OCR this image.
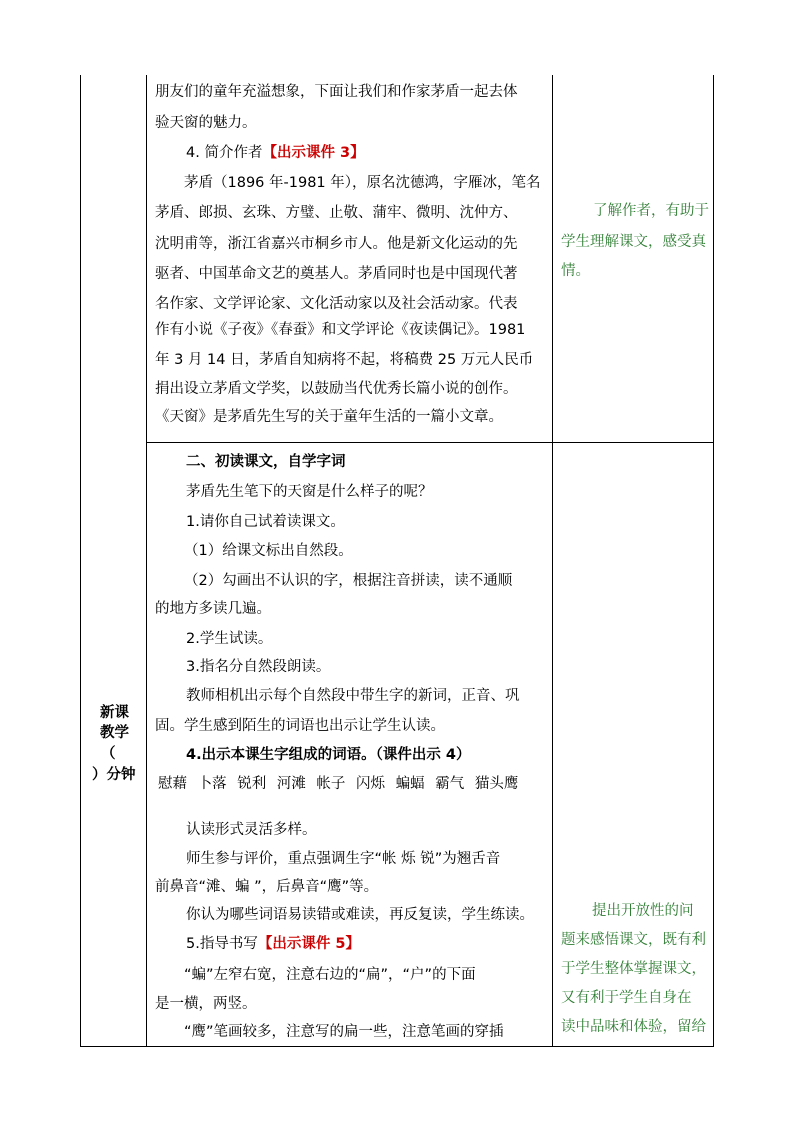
朋友们的童年充溢想象，下面让我们和作家茅盾一起去体
验天窗的魅力。
4. 简介作者【出示课件 3】
茅盾（1896 年-1981 年），原名沈德鸿，字雁冰，笔名
茅盾、郎损、玄珠、方璧、止敬、蒲牢、微明、沈仲方、
沈明甫等，浙江省嘉兴市桐乡市人。他是新文化运动的先
驱者、中国革命文艺的奠基人。茅盾同时也是中国现代著
名作家、文学评论家、文化活动家以及社会活动家。代表
作有小说《子夜》《春蚕》和文学评论《夜读偶记》。1981
年 3 月 14 日，茅盾自知病将不起，将稿费 25 万元人民币
捐出设立茅盾文学奖，以鼓励当代优秀长篇小说的创作。
《天窗》是茅盾先生写的关于童年生活的一篇小文章。
了解作者，有助于
学生理解课文，感受真
情。
新课
教学
（
）分钟
二、初读课文，自学字词
茅盾先生笔下的天窗是什么样子的呢？
1.请你自己试着读课文。
（1）给课文标出自然段。
（2）勾画出不认识的字，根据注音拼读，读不通顺
的地方多读几遍。
2.学生试读。
3.指名分自然段朗读。
教师相机出示每个自然段中带生字的新词，正音、巩
固。学生感到陌生的词语也出示让学生认读。
4.出示本课生字组成的词语。（课件出示 4）
慰藉 卜落 锐利 河滩 帐子 闪烁 蝙蝠 霸气 猫头鹰
认读形式灵活多样。
师生参与评价，重点强调生字“帐 烁 锐”为翘舌音
前鼻音“滩、蝙 ”，后鼻音“鹰”等。
你认为哪些词语易读错或难读，再反复读，学生练读。
5.指导书写【出示课件 5】
“蝙”左窄右宽，注意右边的“扁”，“户”的下面
是一横，两竖。
“鹰”笔画较多，注意写的扁一些，注意笔画的穿插
提出开放性的问
题来感悟课文，既有利
于学生整体掌握课文，
又有利于学生自身在
读中品味和体验，留给
